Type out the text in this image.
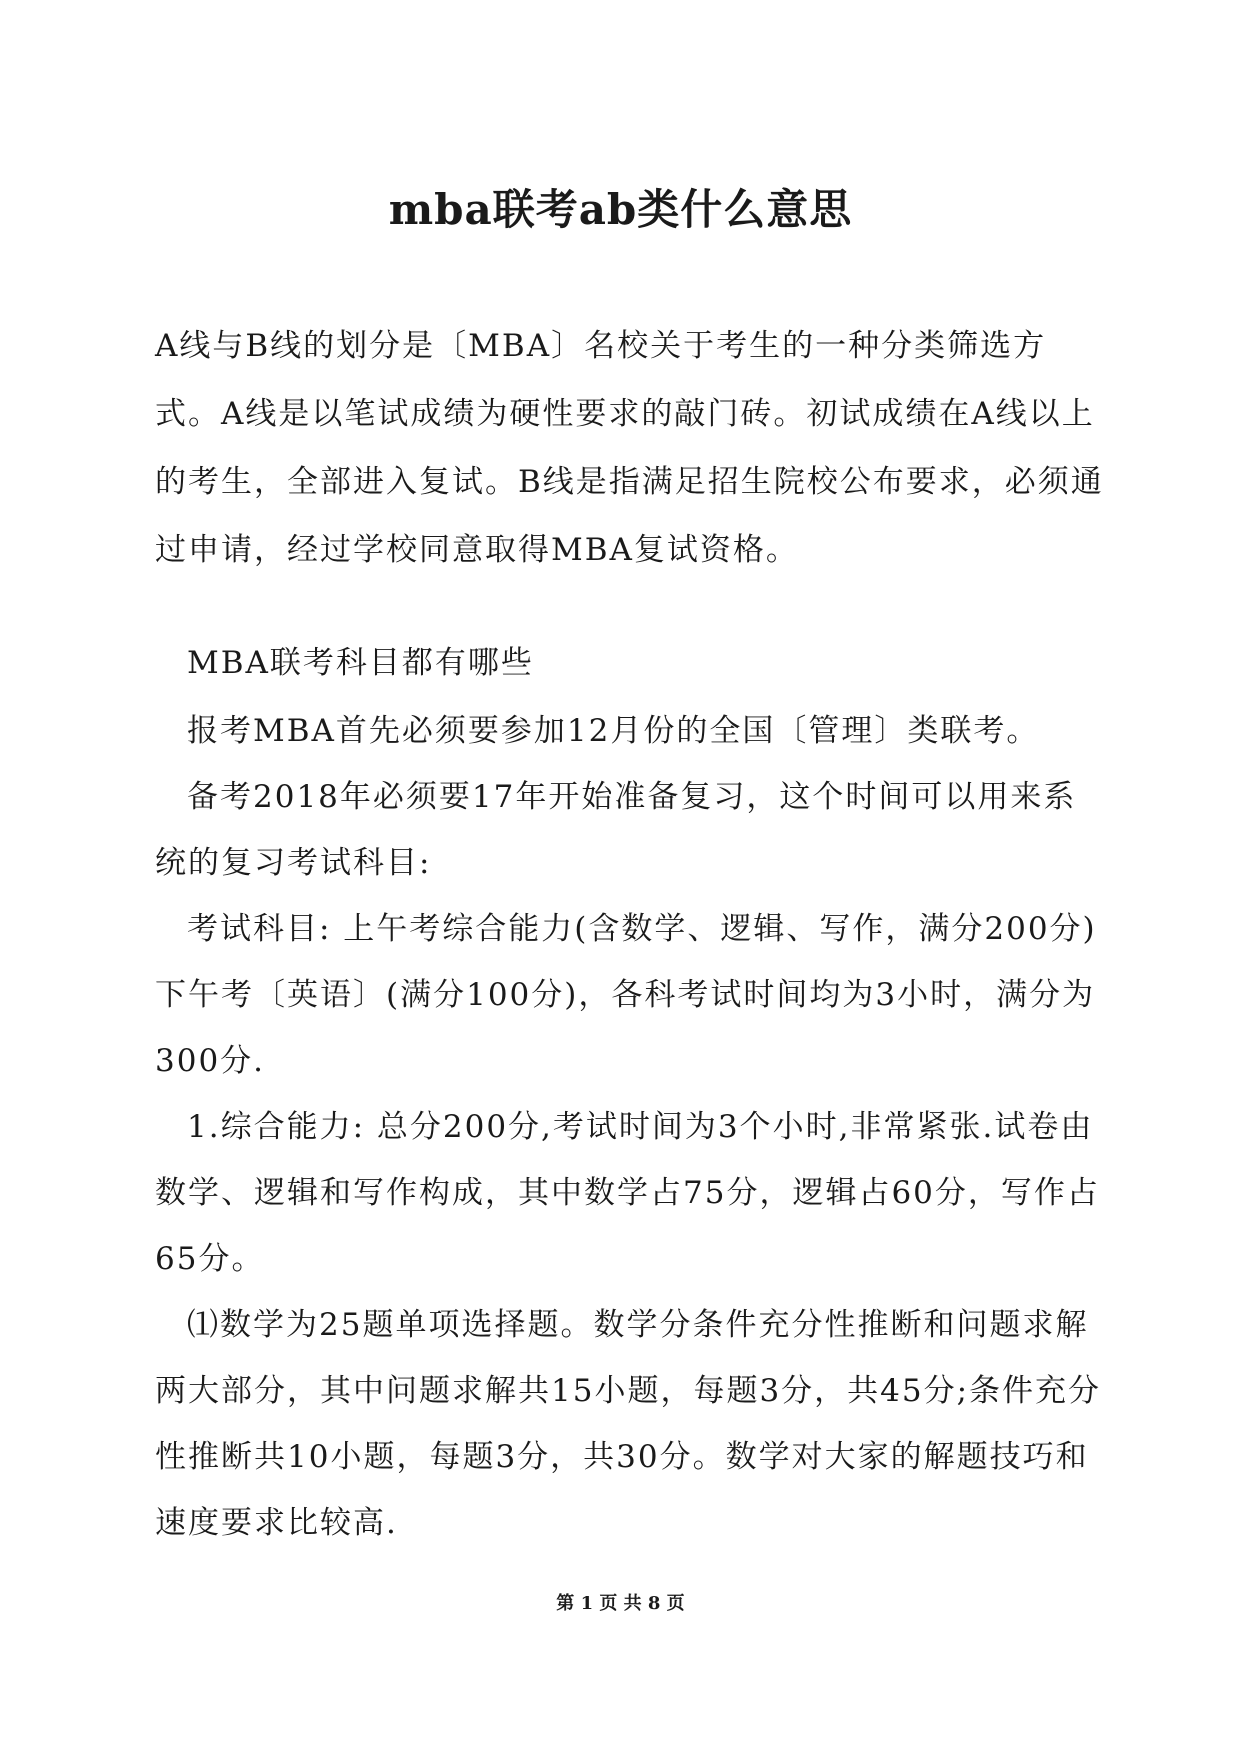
mba联考ab类什么意思

A线与B线的划分是〔MBA〕名校关于考生的一种分类筛选方式。A线是以笔试成绩为硬性要求的敲门砖。初试成绩在A线以上的考生，全部进入复试。B线是指满足招生院校公布要求，必须通过申请，经过学校同意取得MBA复试资格。

MBA联考科目都有哪些

报考MBA首先必须要参加12月份的全国〔管理〕类联考。

备考2018年必须要17年开始准备复习，这个时间可以用来系统的复习考试科目:

考试科目: 上午考综合能力(含数学、逻辑、写作，满分200分)下午考〔英语〕(满分100分)，各科考试时间均为3小时，满分为300分.

1.综合能力: 总分200分,考试时间为3个小时,非常紧张.试卷由数学、逻辑和写作构成，其中数学占75分，逻辑占60分，写作占65分。

⑴数学为25题单项选择题。数学分条件充分性推断和问题求解两大部分，其中问题求解共15小题，每题3分，共45分;条件充分性推断共10小题，每题3分，共30分。数学对大家的解题技巧和速度要求比较高.

第 1 页 共 8 页
